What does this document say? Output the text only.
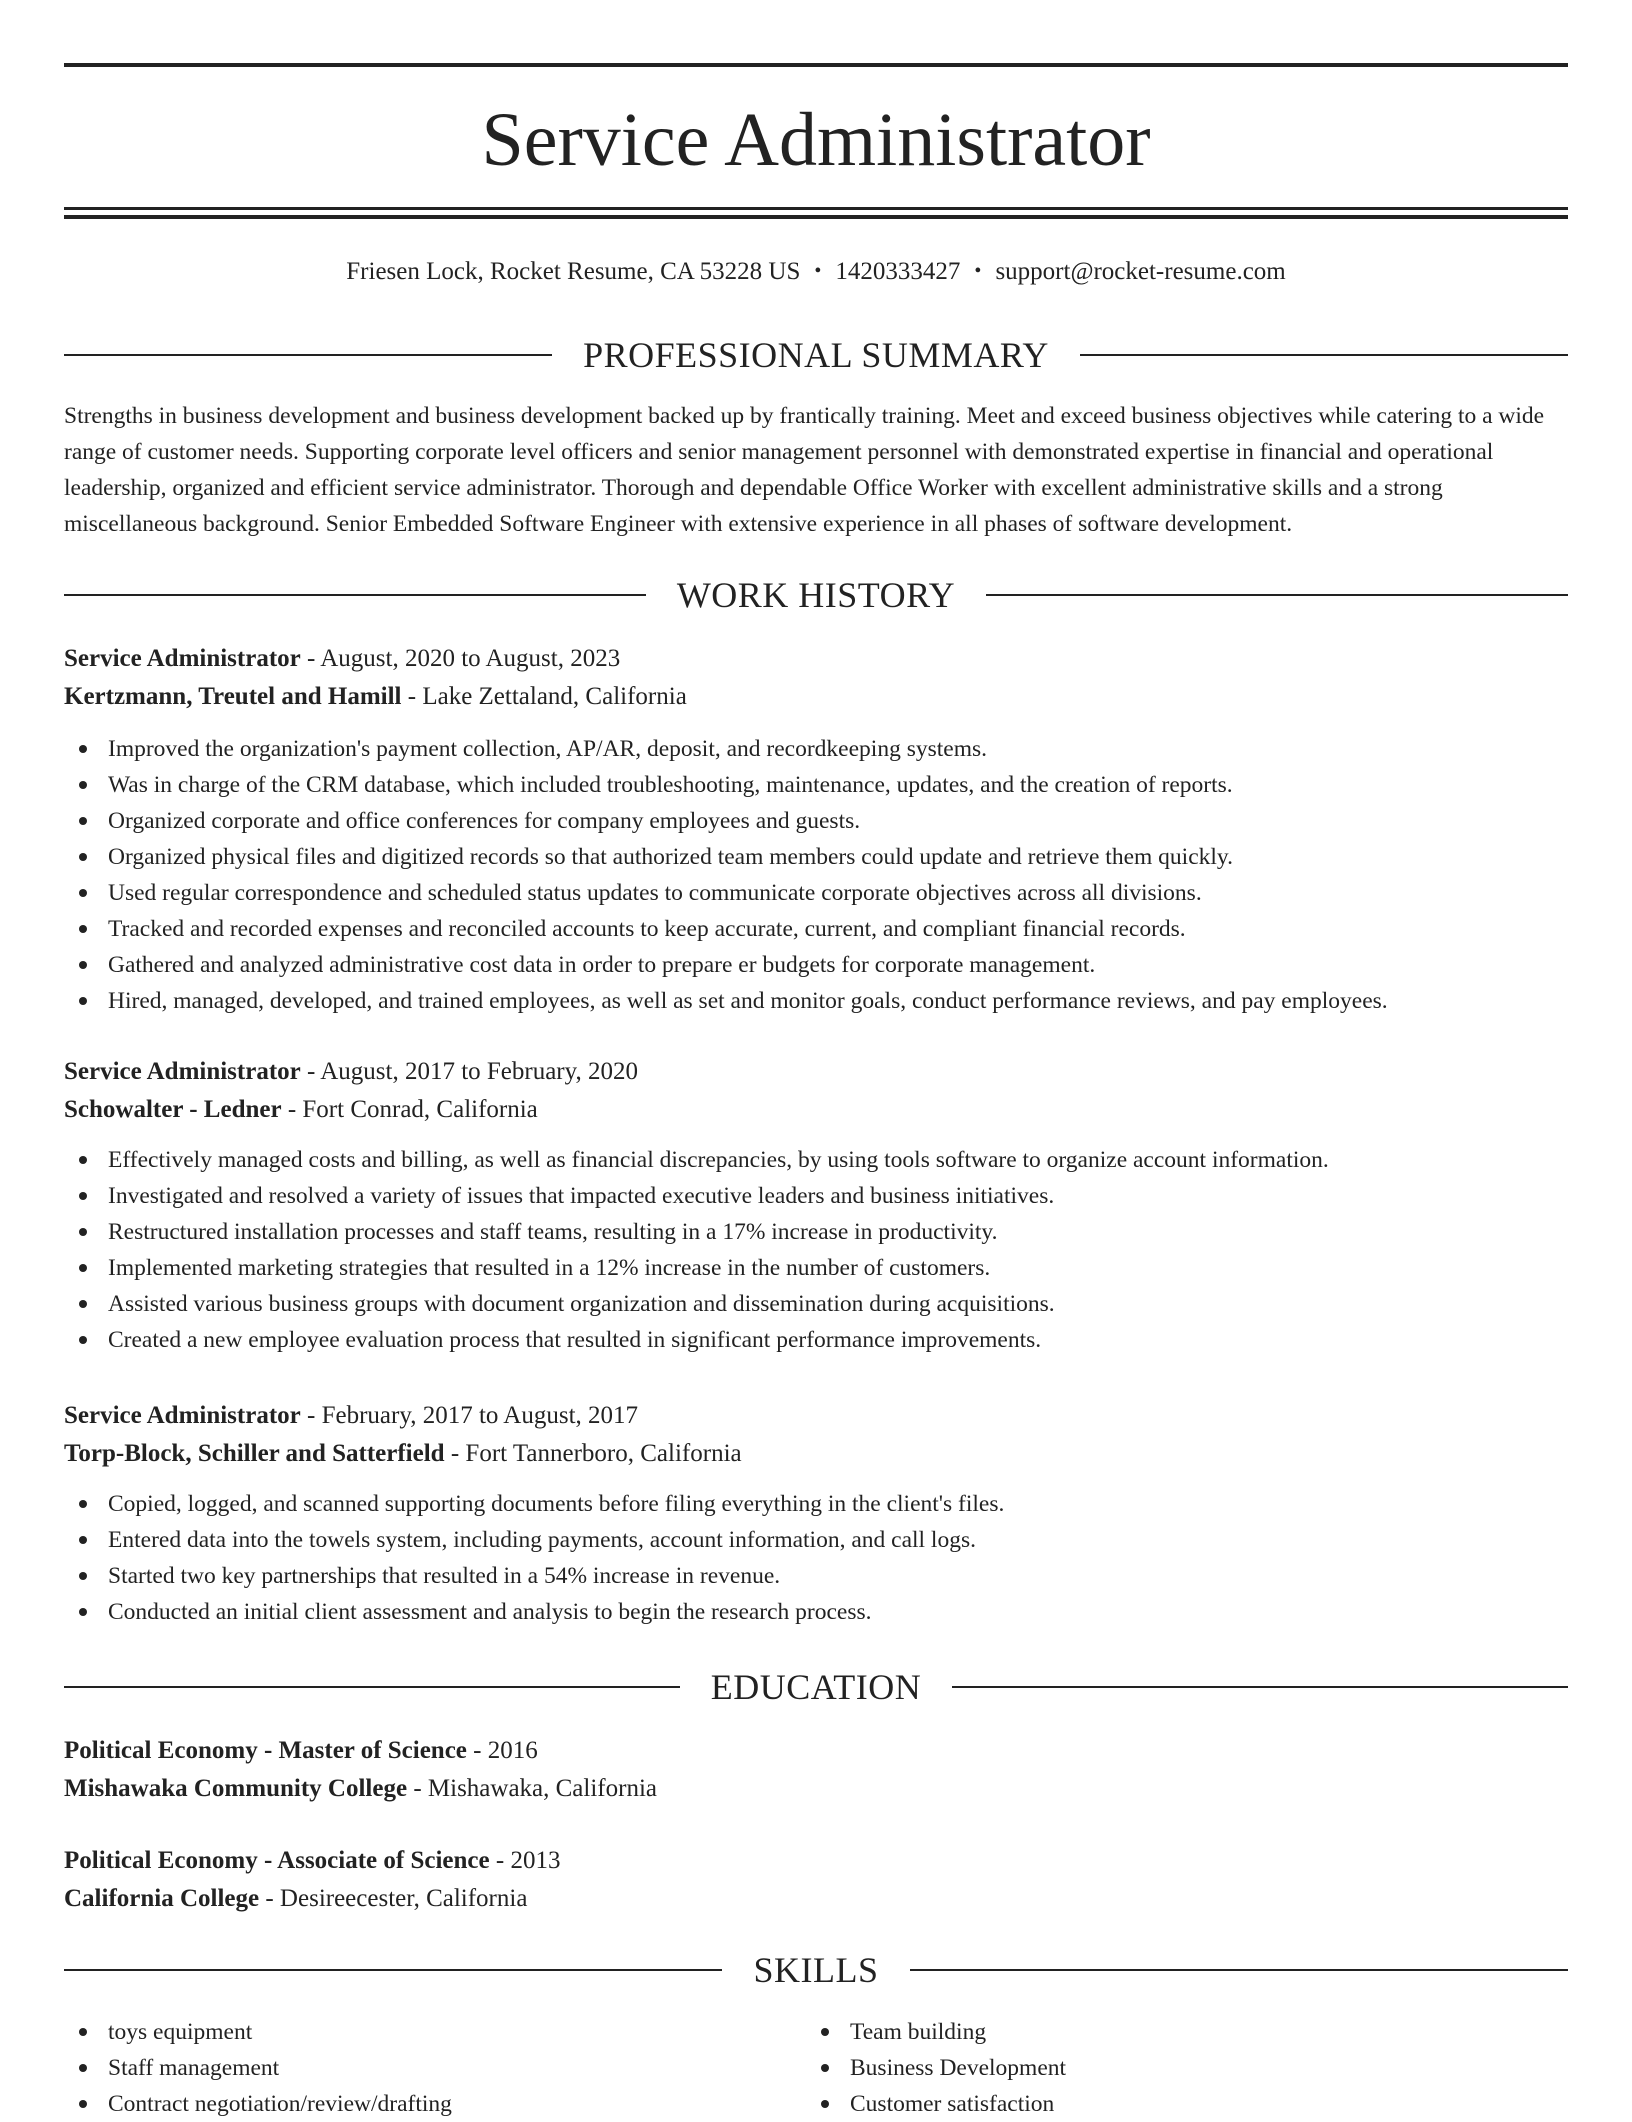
Service Administrator
Friesen Lock, Rocket Resume, CA 53228 US • 1420333427 • support@rocket-resume.com
PROFESSIONAL SUMMARY
Strengths in business development and business development backed up by frantically training. Meet and exceed business objectives while catering to a wide range of customer needs. Supporting corporate level officers and senior management personnel with demonstrated expertise in financial and operational leadership, organized and efficient service administrator. Thorough and dependable Office Worker with excellent administrative skills and a strong miscellaneous background. Senior Embedded Software Engineer with extensive experience in all phases of software development.
WORK HISTORY
Service Administrator - August, 2020 to August, 2023
Kertzmann, Treutel and Hamill - Lake Zettaland, California
Improved the organization's payment collection, AP/AR, deposit, and recordkeeping systems.
Was in charge of the CRM database, which included troubleshooting, maintenance, updates, and the creation of reports.
Organized corporate and office conferences for company employees and guests.
Organized physical files and digitized records so that authorized team members could update and retrieve them quickly.
Used regular correspondence and scheduled status updates to communicate corporate objectives across all divisions.
Tracked and recorded expenses and reconciled accounts to keep accurate, current, and compliant financial records.
Gathered and analyzed administrative cost data in order to prepare er budgets for corporate management.
Hired, managed, developed, and trained employees, as well as set and monitor goals, conduct performance reviews, and pay employees.
Service Administrator - August, 2017 to February, 2020
Schowalter - Ledner - Fort Conrad, California
Effectively managed costs and billing, as well as financial discrepancies, by using tools software to organize account information.
Investigated and resolved a variety of issues that impacted executive leaders and business initiatives.
Restructured installation processes and staff teams, resulting in a 17% increase in productivity.
Implemented marketing strategies that resulted in a 12% increase in the number of customers.
Assisted various business groups with document organization and dissemination during acquisitions.
Created a new employee evaluation process that resulted in significant performance improvements.
Service Administrator - February, 2017 to August, 2017
Torp-Block, Schiller and Satterfield - Fort Tannerboro, California
Copied, logged, and scanned supporting documents before filing everything in the client's files.
Entered data into the towels system, including payments, account information, and call logs.
Started two key partnerships that resulted in a 54% increase in revenue.
Conducted an initial client assessment and analysis to begin the research process.
EDUCATION
Political Economy - Master of Science - 2016
Mishawaka Community College - Mishawaka, California
Political Economy - Associate of Science - 2013
California College - Desireecester, California
SKILLS
toys equipment
Staff management
Contract negotiation/review/drafting
Team building
Business Development
Customer satisfaction
